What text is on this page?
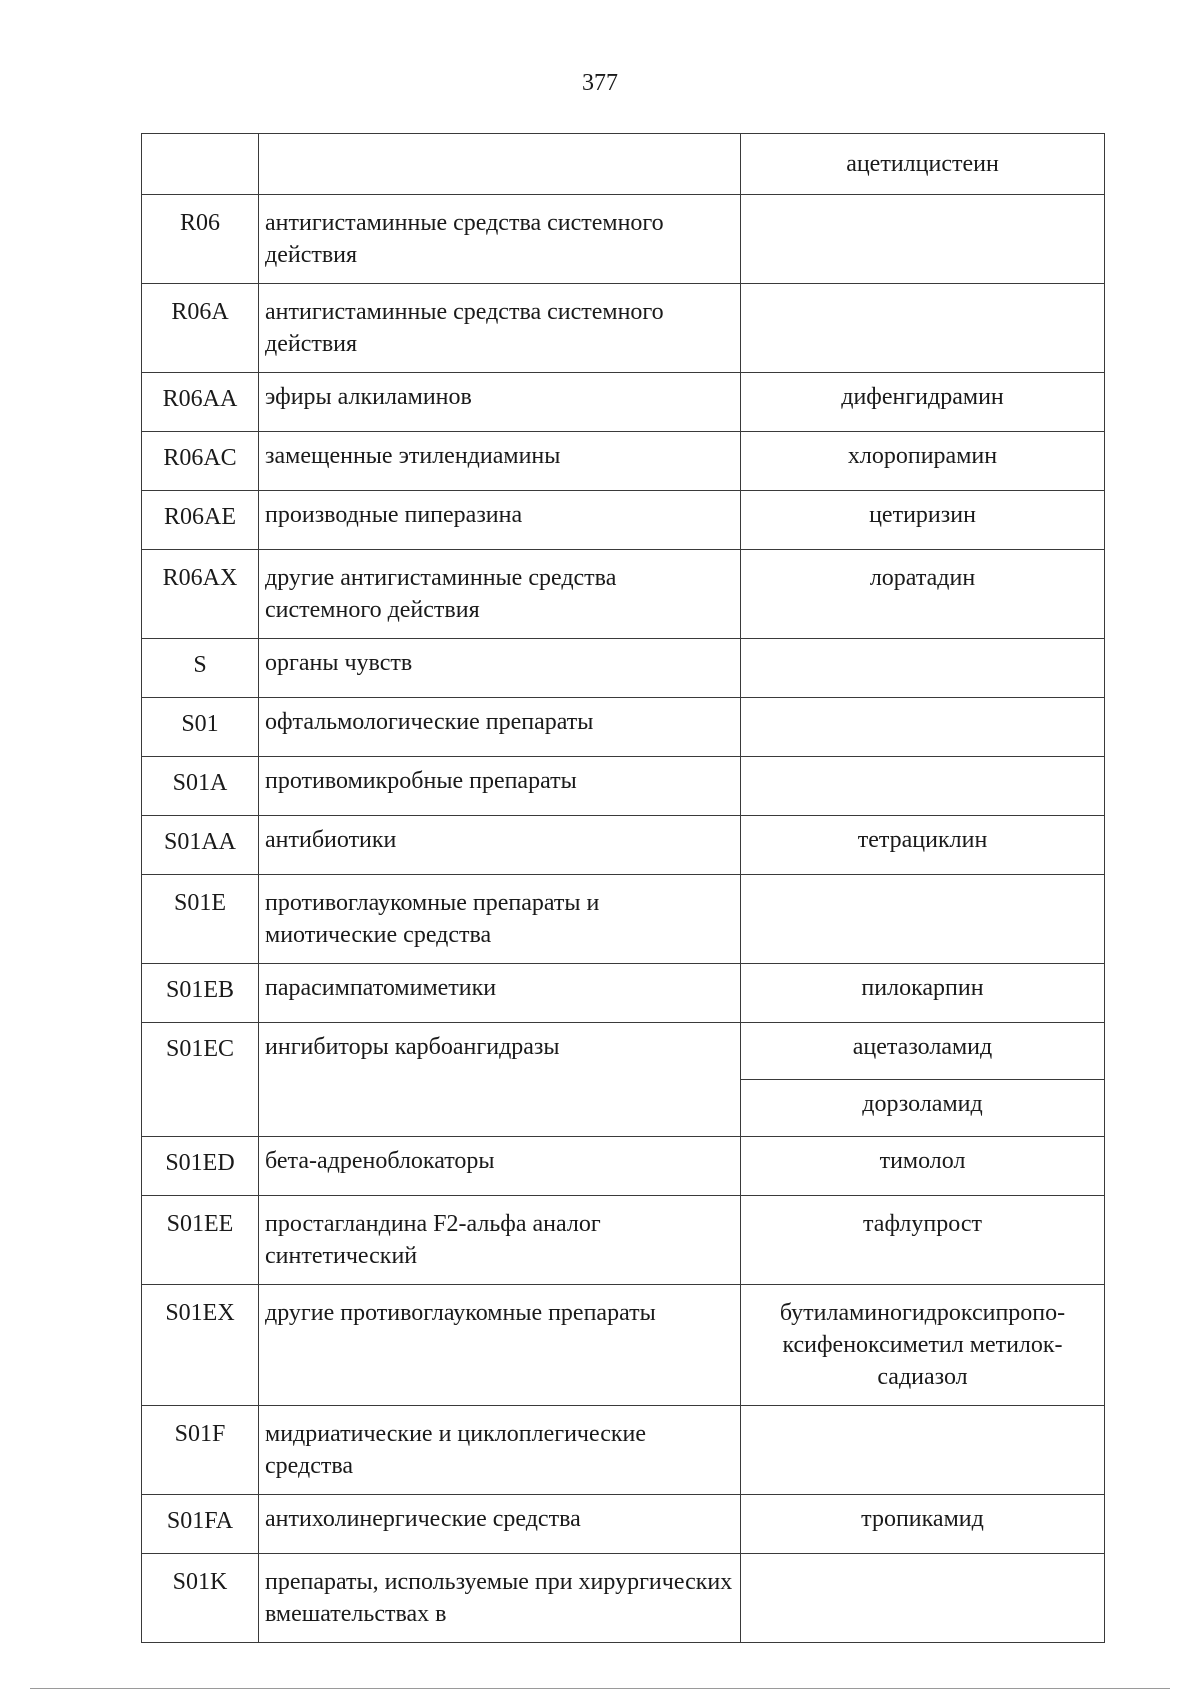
377
		ацетилцистеин
R06	антигистаминные средства системного действия	
R06A	антигистаминные средства системного действия	
R06AA	эфиры алкиламинов	дифенгидрамин
R06AC	замещенные этилендиамины	хлоропирамин
R06AE	производные пиперазина	цетиризин
R06AX	другие антигистаминные средства системного действия	лоратадин
S	органы чувств	
S01	офтальмологические препараты	
S01A	противомикробные препараты	
S01AA	антибиотики	тетрациклин
S01E	противоглаукомные препараты и миотические средства	
S01EB	парасимпатомиметики	пилокарпин
S01EC	ингибиторы карбоангидразы	ацетазоламид
		дорзоламид
S01ED	бета-адреноблокаторы	тимолол
S01EE	простагландина F2-альфа аналог синтетический	тафлупрост
S01EX	другие противоглаукомные препараты	бутиламиногидроксипропо-ксифеноксиметил метилок-садиазол
S01F	мидриатические и циклоплегические средства	
S01FA	антихолинергические средства	тропикамид
S01K	препараты, используемые при хирургических вмешательствах в	
